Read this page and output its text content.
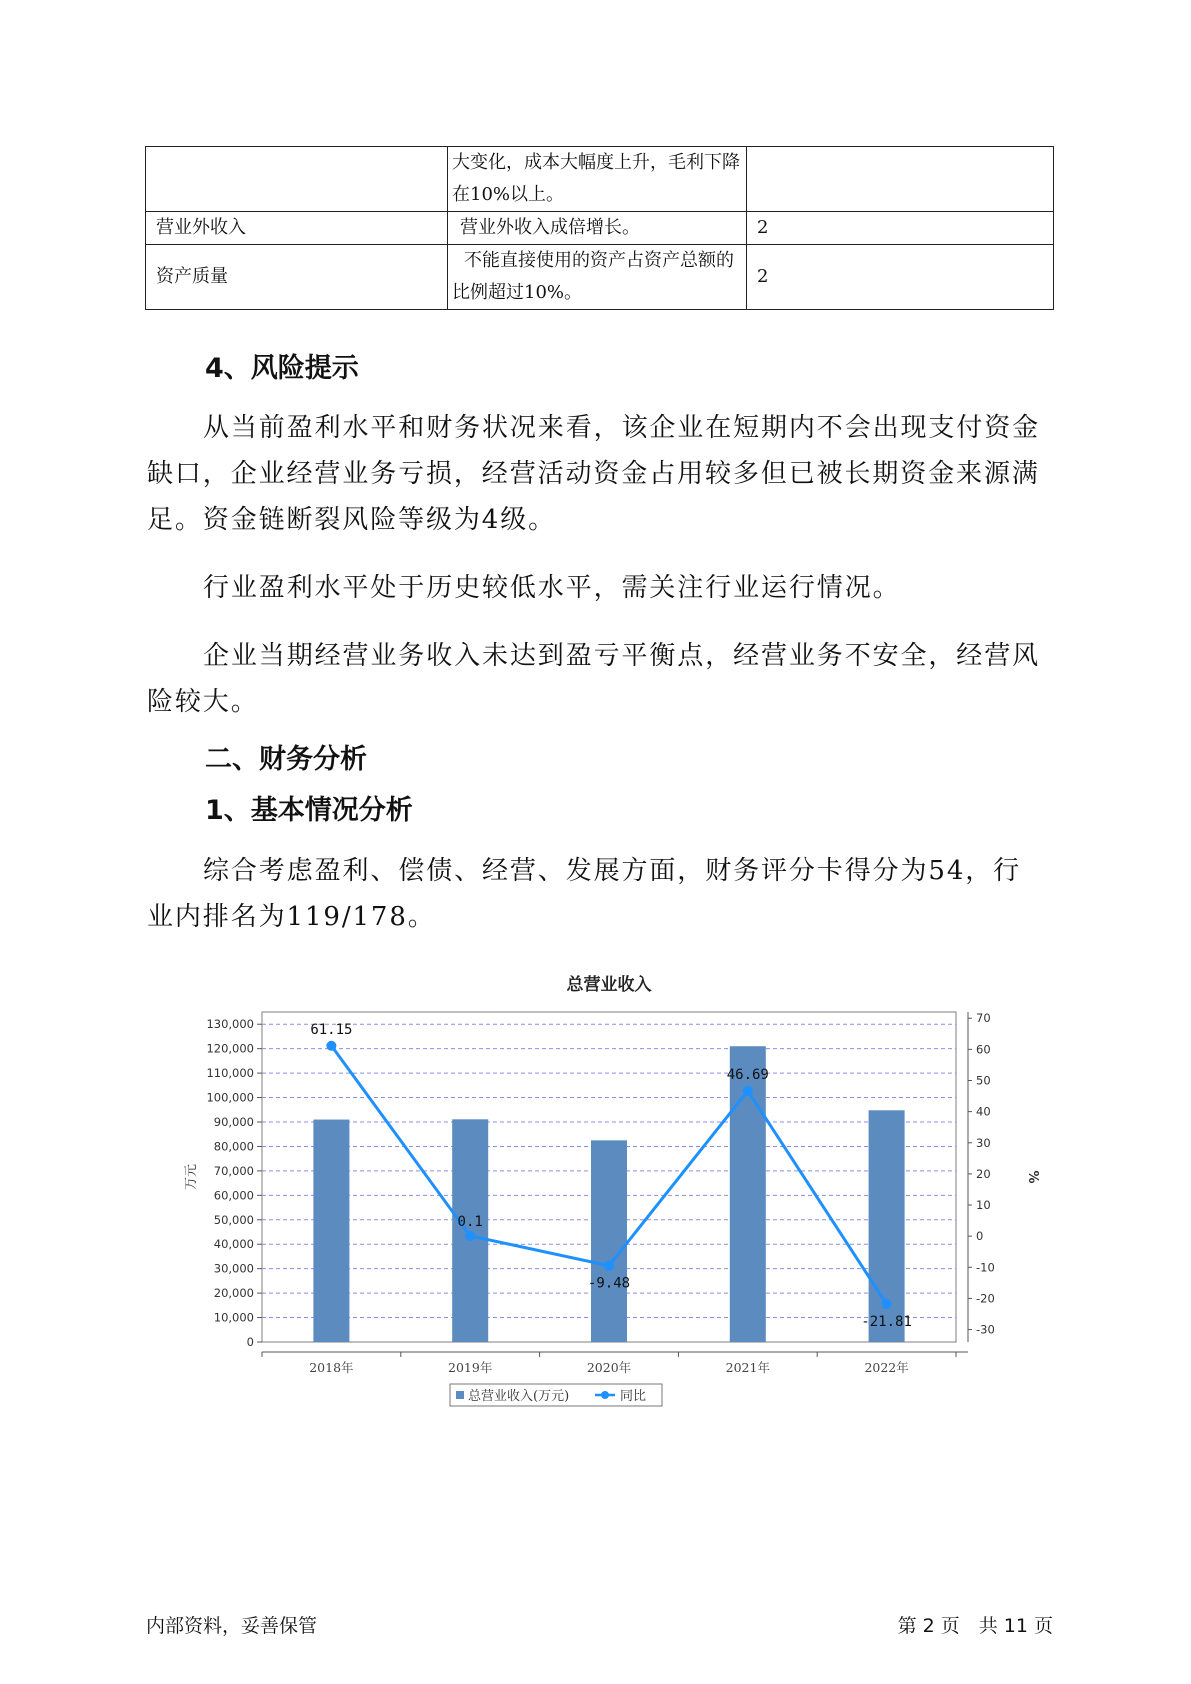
	大变化，成本大幅度上升，毛利下降在10%以上。	
营业外收入	营业外收入成倍增长。	2
资产质量	不能直接使用的资产占资产总额的比例超过10%。	2
4、风险提示
从当前盈利水平和财务状况来看，该企业在短期内不会出现支付资金缺口，企业经营业务亏损，经营活动资金占用较多但已被长期资金来源满足。资金链断裂风险等级为4级。
行业盈利水平处于历史较低水平，需关注行业运行情况。
企业当期经营业务收入未达到盈亏平衡点，经营业务不安全，经营风险较大。
二、财务分析
1、基本情况分析
综合考虑盈利、偿债、经营、发展方面，财务评分卡得分为54，行业内排名为119/178。
总营业收入
0
10,000
20,000
30,000
40,000
50,000
60,000
70,000
80,000
90,000
100,000
110,000
120,000
130,000
-30
-20
-10
0
10
20
30
40
50
60
70
万元	%
2018年	2019年	2020年	2021年	2022年
61.15
0.1
-9.48
46.69
-21.81
总营业收入(万元)	同比
内部资料，妥善保管	第 2 页　共 11 页
